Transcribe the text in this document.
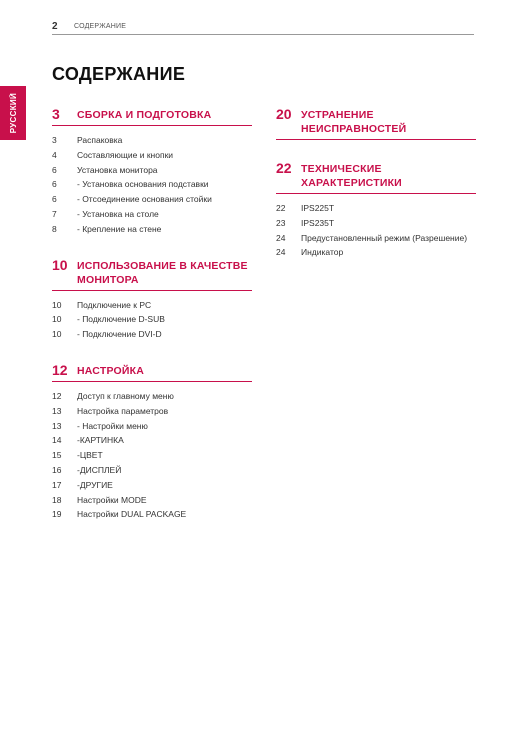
2 СОДЕРЖАНИЕ
РУССКИЙ
СОДЕРЖАНИЕ
3	СБОРКА И ПОДГОТОВКА
3	Распаковка
4	Составляющие и кнопки
6	Установка монитора
6	- Установка основания подставки
6	- Отсоединение основания стойки
7	- Установка на столе
8	- Крепление на стене
10 ИСПОЛЬЗОВАНИЕ В КАЧЕСТВЕ МОНИТОРА
10	Подключение к PC
10	- Подключение D-SUB
10	- Подключение DVI-D
12 НАСТРОЙКА
12	Доступ к главному меню
13	Настройка параметров
13	- Настройки меню
14	-КАРТИНКА
15	-ЦВЕТ
16	-ДИСПЛЕЙ
17	-ДРУГИЕ
18	Настройки MODE
19	Настройки DUAL PACKAGE
20 УСТРАНЕНИЕ НЕИСПРАВНОСТЕЙ
22 ТЕХНИЧЕСКИЕ ХАРАКТЕРИСТИКИ
22	IPS225T
23	IPS235T
24	Предустановленный режим (Разрешение)
24	Индикатор
